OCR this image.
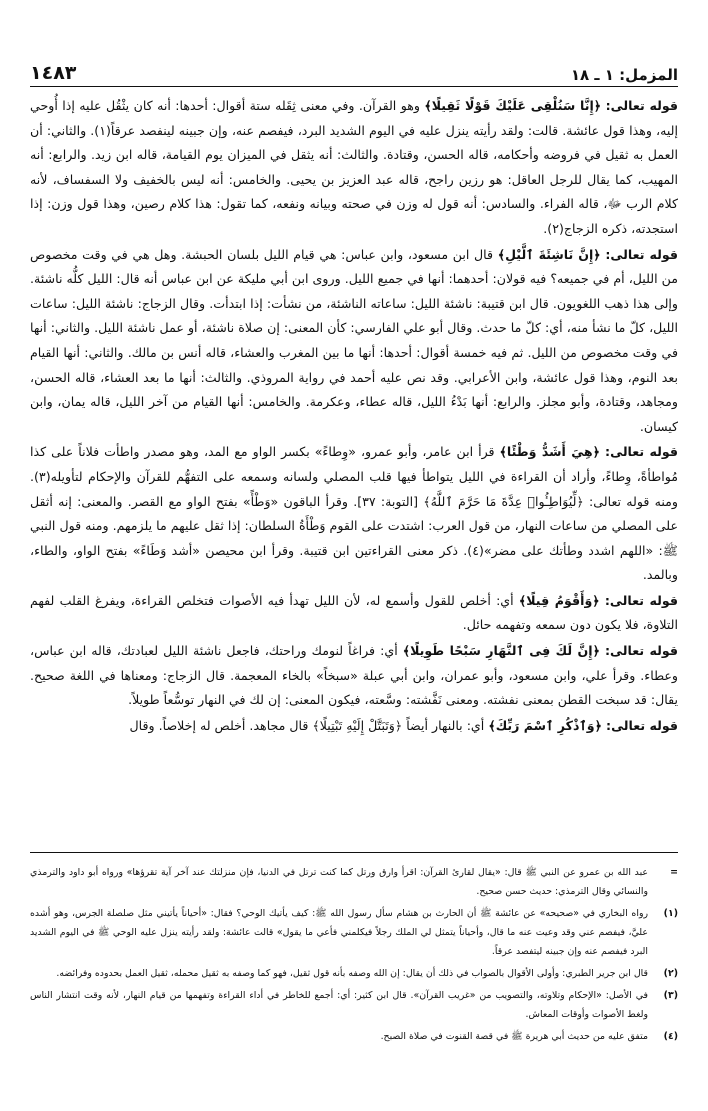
المزمل: ١ ـ ١٨
١٤٨٣

قوله تعالى: ﴿إِنَّا سَنُلْقِى عَلَيْكَ قَوْلًا ثَقِيلًا﴾ وهو القرآن. وفي معنى ثِقَله ستة أقوال: أحدها: أنه كان يثْقُل عليه إذا أُوحي إليه، وهذا قول عائشة. قالت: ولقد رأيته ينزل عليه في اليوم الشديد البرد، فيفصم عنه، وإن جبينه لينفصد عرقاً(١). والثاني: أن العمل به ثقيل في فروضه وأحكامه، قاله الحسن، وقتادة. والثالث: أنه يثقل في الميزان يوم القيامة، قاله ابن زيد. والرابع: أنه المهيب، كما يقال للرجل العاقل: هو رزين راجح، قاله عبد العزيز بن يحيى. والخامس: أنه ليس بالخفيف ولا السفساف، لأنه كلام الرب ﷻ، قاله الفراء. والسادس: أنه قول له وزن في صحته وبيانه ونفعه، كما تقول: هذا كلام رصين، وهذا قول وزن: إذا استجدته، ذكره الزجاج(٢).

قوله تعالى: ﴿إِنَّ نَاشِئَةَ ٱلَّيْلِ﴾ قال ابن مسعود، وابن عباس: هي قيام الليل بلسان الحبشة. وهل هي في وقت مخصوص من الليل، أم في جميعه؟ فيه قولان: أحدهما: أنها في جميع الليل. وروى ابن أبي مليكة عن ابن عباس أنه قال: الليل كلُّه ناشئة. وإلى هذا ذهب اللغويون. قال ابن قتيبة: ناشئة الليل: ساعاته الناشئة، من نشأت: إذا ابتدأت. وقال الزجاج: ناشئة الليل: ساعات الليل، كلّ ما نشأ منه، أي: كلّ ما حدث. وقال أبو علي الفارسي: كأن المعنى: إن صلاة ناشئة، أو عمل ناشئة الليل. والثاني: أنها في وقت مخصوص من الليل. ثم فيه خمسة أقوال: أحدها: أنها ما بين المغرب والعشاء، قاله أنس بن مالك. والثاني: أنها القيام بعد النوم، وهذا قول عائشة، وابن الأعرابي. وقد نص عليه أحمد في رواية المروذي. والثالث: أنها ما بعد العشاء، قاله الحسن، ومجاهد، وقتادة، وأبو مجلز. والرابع: أنها بَدْءُ الليل، قاله عطاء، وعكرمة. والخامس: أنها القيام من آخر الليل، قاله يمان، وابن كيسان.

قوله تعالى: ﴿هِيَ أَشَدُّ وَطْئًا﴾ قرأ ابن عامر، وأبو عمرو، «وِطاءً» بكسر الواو مع المد، وهو مصدر واطأت فلاناً على كذا مُواطأةً، وِطاءً، وأراد أن القراءة في الليل يتواطأ فيها قلب المصلي ولسانه وسمعه على التفهُّم للقرآن والإحكام لتأويله(٣). ومنه قوله تعالى: ﴿لِّيُوَاطِـُٔوا۟ عِدَّةَ مَا حَرَّمَ ٱللَّهُ﴾ [التوبة: ٣٧]. وقرأ الباقون «وَطْأً» بفتح الواو مع القصر. والمعنى: إنه أثقل على المصلي من ساعات النهار، من قول العرب: اشتدت على القوم وَطْأَةُ السلطان: إذا ثقل عليهم ما يلزمهم. ومنه قول النبي ﷺ: «اللهم اشدد وطأتك على مضر»(٤). ذكر معنى القراءتين ابن قتيبة. وقرأ ابن محيصن «أشد وَطَاءً» بفتح الواو، والطاء، وبالمد.

قوله تعالى: ﴿وَأَقْوَمُ قِيلًا﴾ أي: أخلص للقول وأسمع له، لأن الليل تهدأ فيه الأصوات فتخلص القراءة، ويفرغ القلب لفهم التلاوة، فلا يكون دون سمعه وتفهمه حائل.

قوله تعالى: ﴿إِنَّ لَكَ فِى ٱلنَّهَارِ سَبْحًا طَوِيلًا﴾ أي: فراغاً لنومك وراحتك، فاجعل ناشئة الليل لعبادتك، قاله ابن عباس، وعطاء. وقرأ علي، وابن مسعود، وأبو عمران، وابن أبي عبلة «سبخاً» بالخاء المعجمة. قال الزجاج: ومعناها في اللغة صحيح. يقال: قد سبخت القطن بمعنى نفشته. ومعنى نَفَّشته: وسَّعته، فيكون المعنى: إن لك في النهار توسُّعاً طويلاً.

قوله تعالى: ﴿وَٱذْكُرِ ٱسْمَ رَبِّكَ﴾ أي: بالنهار أيضاً ﴿وَتَبَتَّلْ إِلَيْهِ تَبْتِيلًا﴾ قال مجاهد. أخلص له إخلاصاً. وقال

=
عبد الله بن عمرو عن النبي ﷺ قال: «يقال لقارئ القرآن: اقرأ وارق ورتل كما كنت ترتل في الدنيا، فإن منزلتك عند آخر آية تقرؤها» ورواه أبو داود والترمذي والنسائي وقال الترمذي: حديث حسن صحيح.
(١)
رواه البخاري في «صحيحه» عن عائشة ﷺ أن الحارث بن هشام سأل رسول الله ﷺ: كيف يأتيك الوحي؟ فقال: «أحياناً يأتيني مثل صلصلة الجرس، وهو أشده عليَّ، فيفصم عني وقد وعيت عنه ما قال، وأحياناً يتمثل لي الملك رجلاً فيكلمني فأعي ما يقول» قالت عائشة: ولقد رأيته ينزل عليه الوحي ﷺ في اليوم الشديد البرد فيفصم عنه وإن جبينه ليتفصد عرقاً.
(٢)
قال ابن جرير الطبري: وأولى الأقوال بالصواب في ذلك أن يقال: إن الله وصفه بأنه قول ثقيل، فهو كما وصفه به ثقيل محمله، ثقيل العمل بحدوده وفرائضه.
(٣)
في الأصل: «الإحكام وتلاوته، والتصويب من «غريب القرآن». قال ابن كثير: أي: أجمع للخاطر في أداء القراءة وتفهمها من قيام النهار، لأنه وقت انتشار الناس ولغط الأصوات وأوقات المعاش.
(٤)
متفق عليه من حديث أبي هريرة ﷺ في قصة القنوت في صلاة الصبح.
